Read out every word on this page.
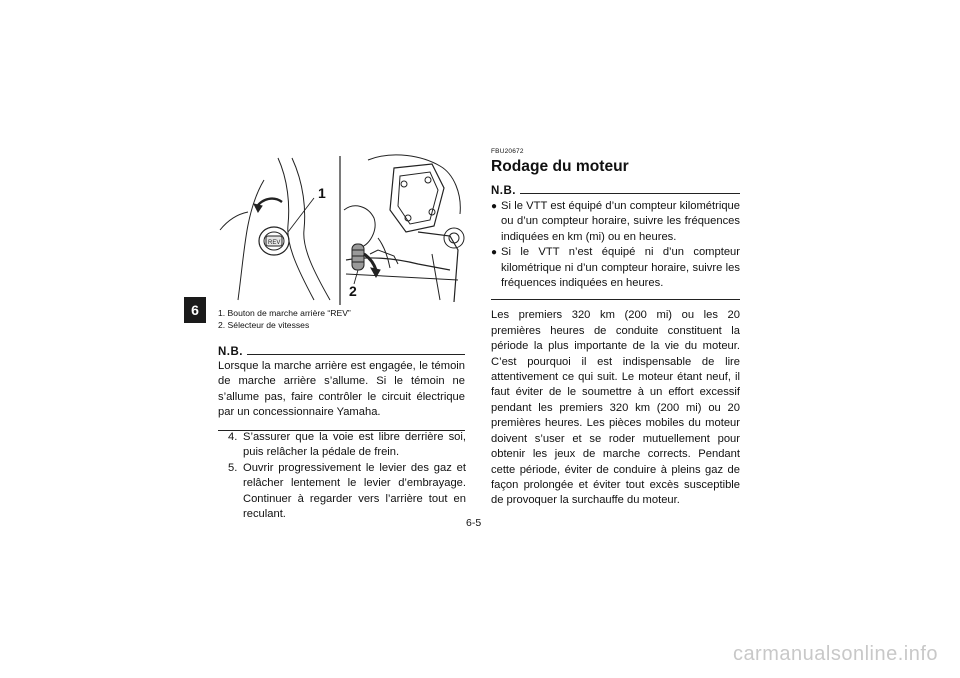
6
REV
1
2
1. Bouton de marche arrière “REV”
2. Sélecteur de vitesses
N.B.
Lorsque la marche arrière est engagée, le témoin de marche arrière s’allume. Si le témoin ne s’allume pas, faire contrôler le circuit électrique par un concessionnaire Yamaha.
4. S’assurer que la voie est libre derrière soi, puis relâcher la pédale de frein.
5. Ouvrir progressivement le levier des gaz et relâcher lentement le levier d’embrayage. Continuer à regarder vers l’arrière tout en reculant.
FBU20672
Rodage du moteur
N.B.
● Si le VTT est équipé d’un compteur kilométrique ou d’un compteur horaire, suivre les fréquences indiquées en km (mi) ou en heures.
● Si le VTT n’est équipé ni d’un compteur kilométrique ni d’un compteur horaire, suivre les fréquences indiquées en heures.
Les premiers 320 km (200 mi) ou les 20 premières heures de conduite constituent la période la plus importante de la vie du moteur. C’est pourquoi il est indispensable de lire attentivement ce qui suit. Le moteur étant neuf, il faut éviter de le soumettre à un effort excessif pendant les premiers 320 km (200 mi) ou 20 premières heures. Les pièces mobiles du moteur doivent s’user et se roder mutuellement pour obtenir les jeux de marche corrects. Pendant cette période, éviter de conduire à pleins gaz de façon prolongée et éviter tout excès susceptible de provoquer la surchauffe du moteur.
6-5
carmanualsonline.info
